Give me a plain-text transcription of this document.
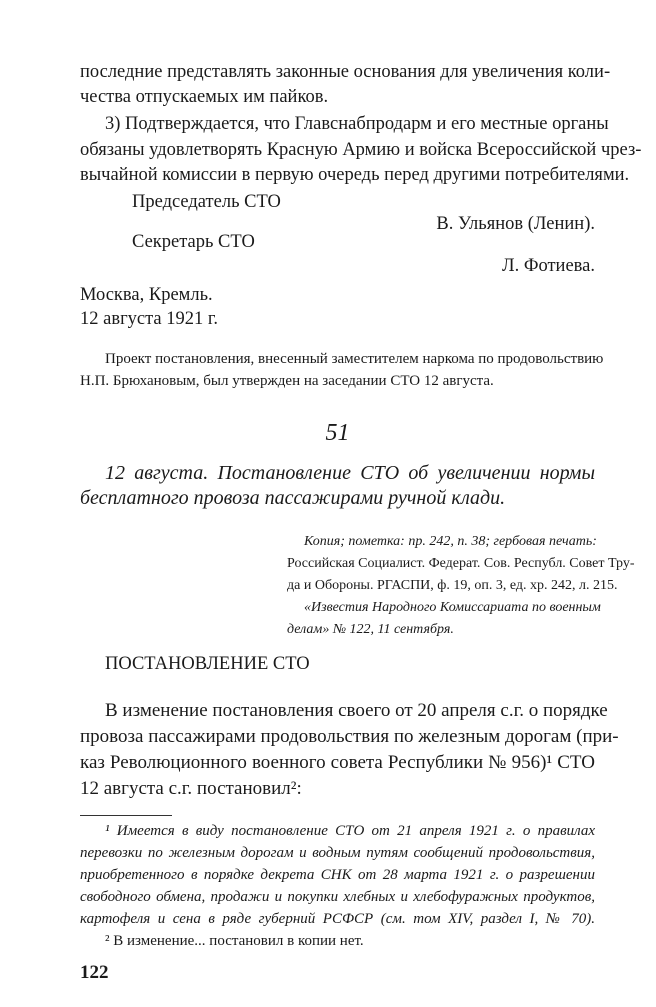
последние представлять законные основания для увеличения коли-
чества отпускаемых им пайков.
3) Подтверждается, что Главснабпродарм и его местные органы
обязаны удовлетворять Красную Армию и войска Всероссийской чрез-
вычайной комиссии в первую очередь перед другими потребителями.
Председатель СТО
В. Ульянов (Ленин).
Секретарь СТО
Л. Фотиева.
Москва, Кремль.
12 августа 1921 г.
Проект постановления, внесенный заместителем наркома по продовольствию
Н.П. Брюхановым, был утвержден на заседании СТО 12 августа.
51
12 августа. Постановление СТО об увеличении нормы
бесплатного провоза пассажирами ручной клади.
Копия; пометка: пр. 242, п. 38; гербовая печать:
Российская Социалист. Федерат. Сов. Республ. Совет Тру-
да и Обороны. РГАСПИ, ф. 19, оп. 3, ед. хр. 242, л. 215.
«Известия Народного Комиссариата по военным
делам» № 122, 11 сентября.
ПОСТАНОВЛЕНИЕ СТО
В изменение постановления своего от 20 апреля с.г. о порядке
провоза пассажирами продовольствия по железным дорогам (при-
каз Революционного военного совета Республики № 956)¹ СТО
12 августа с.г. постановил²:
¹ Имеется в виду постановление СТО от 21 апреля 1921 г. о правилах
перевозки по железным дорогам и водным путям сообщений продовольствия,
приобретенного в порядке декрета СНК от 28 марта 1921 г. о разрешении
свободного обмена, продажи и покупки хлебных и хлебофуражных продуктов,
картофеля и сена в ряде губерний РСФСР (см. том XIV, раздел I, № 70).
² В изменение... постановил в копии нет.
122
